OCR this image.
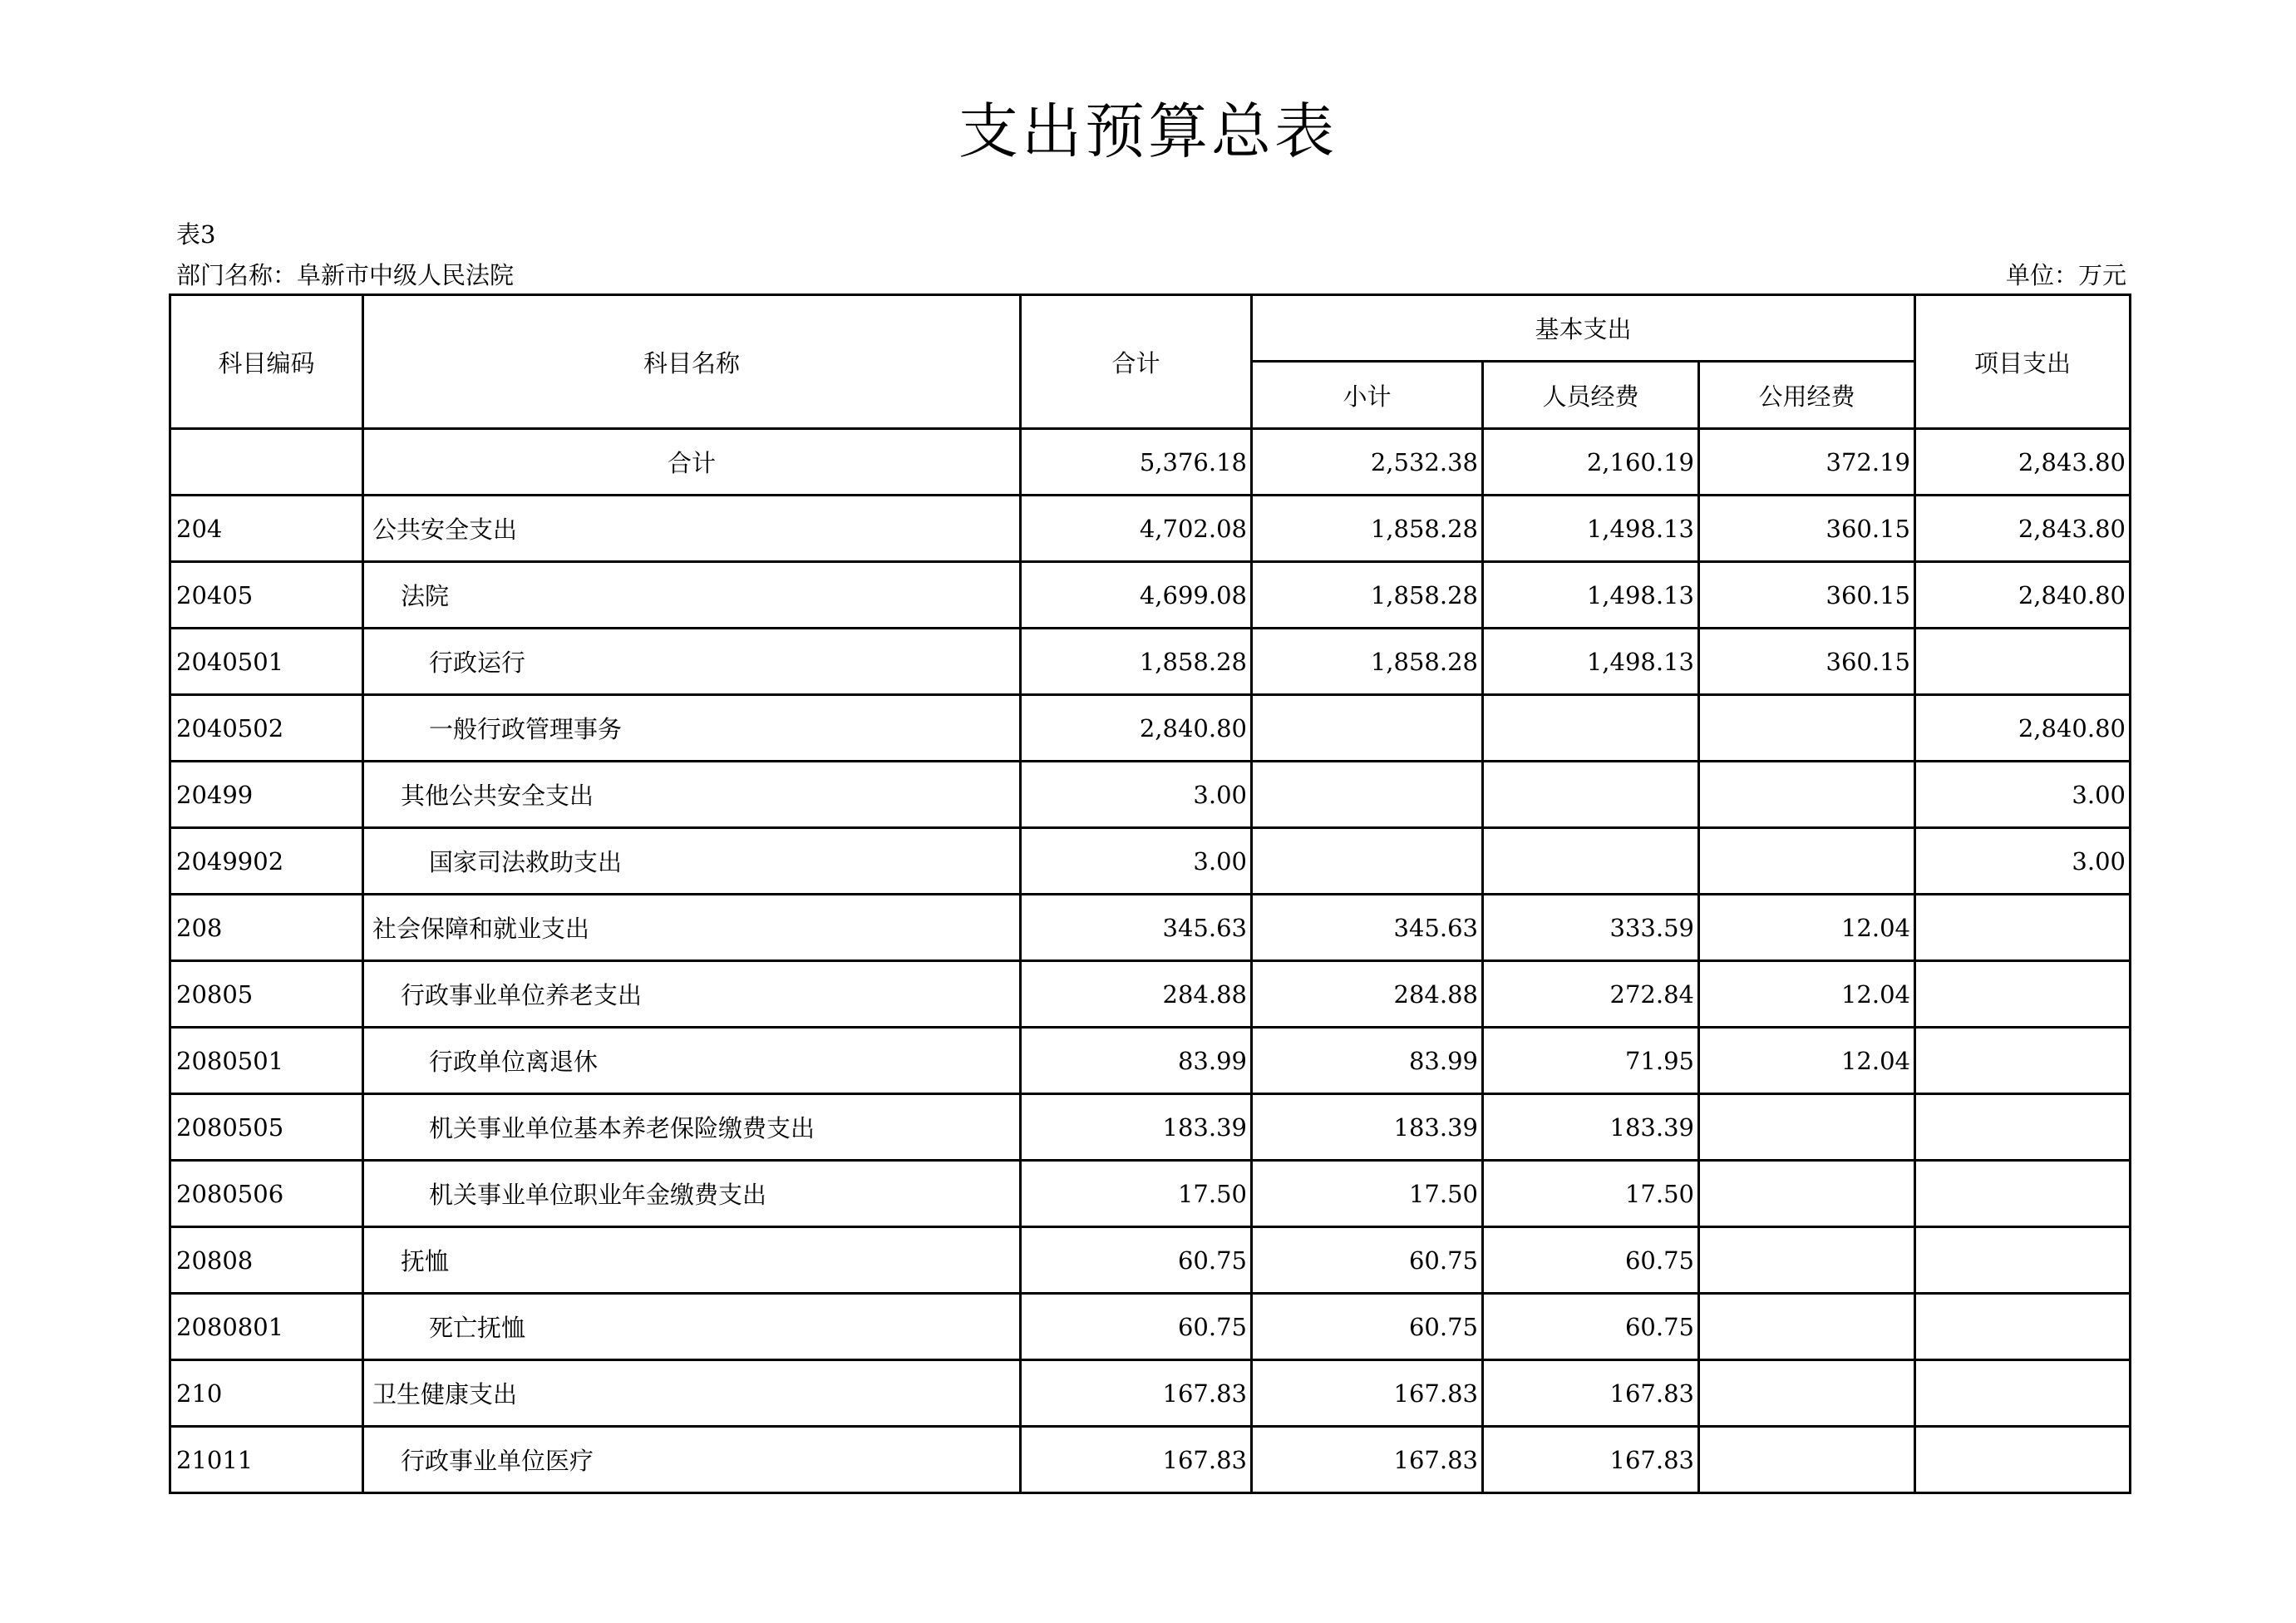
支出预算总表
表3
部门名称：阜新市中级人民法院	单位：万元
科目编码	科目名称	合计	基本支出			项目支出
			小计	人员经费	公用经费	
	合计	5,376.18	2,532.38	2,160.19	372.19	2,843.80
204	公共安全支出	4,702.08	1,858.28	1,498.13	360.15	2,843.80
20405	法院	4,699.08	1,858.28	1,498.13	360.15	2,840.80
2040501	行政运行	1,858.28	1,858.28	1,498.13	360.15	
2040502	一般行政管理事务	2,840.80				2,840.80
20499	其他公共安全支出	3.00				3.00
2049902	国家司法救助支出	3.00				3.00
208	社会保障和就业支出	345.63	345.63	333.59	12.04	
20805	行政事业单位养老支出	284.88	284.88	272.84	12.04	
2080501	行政单位离退休	83.99	83.99	71.95	12.04	
2080505	机关事业单位基本养老保险缴费支出	183.39	183.39	183.39		
2080506	机关事业单位职业年金缴费支出	17.50	17.50	17.50		
20808	抚恤	60.75	60.75	60.75		
2080801	死亡抚恤	60.75	60.75	60.75		
210	卫生健康支出	167.83	167.83	167.83		
21011	行政事业单位医疗	167.83	167.83	167.83		
